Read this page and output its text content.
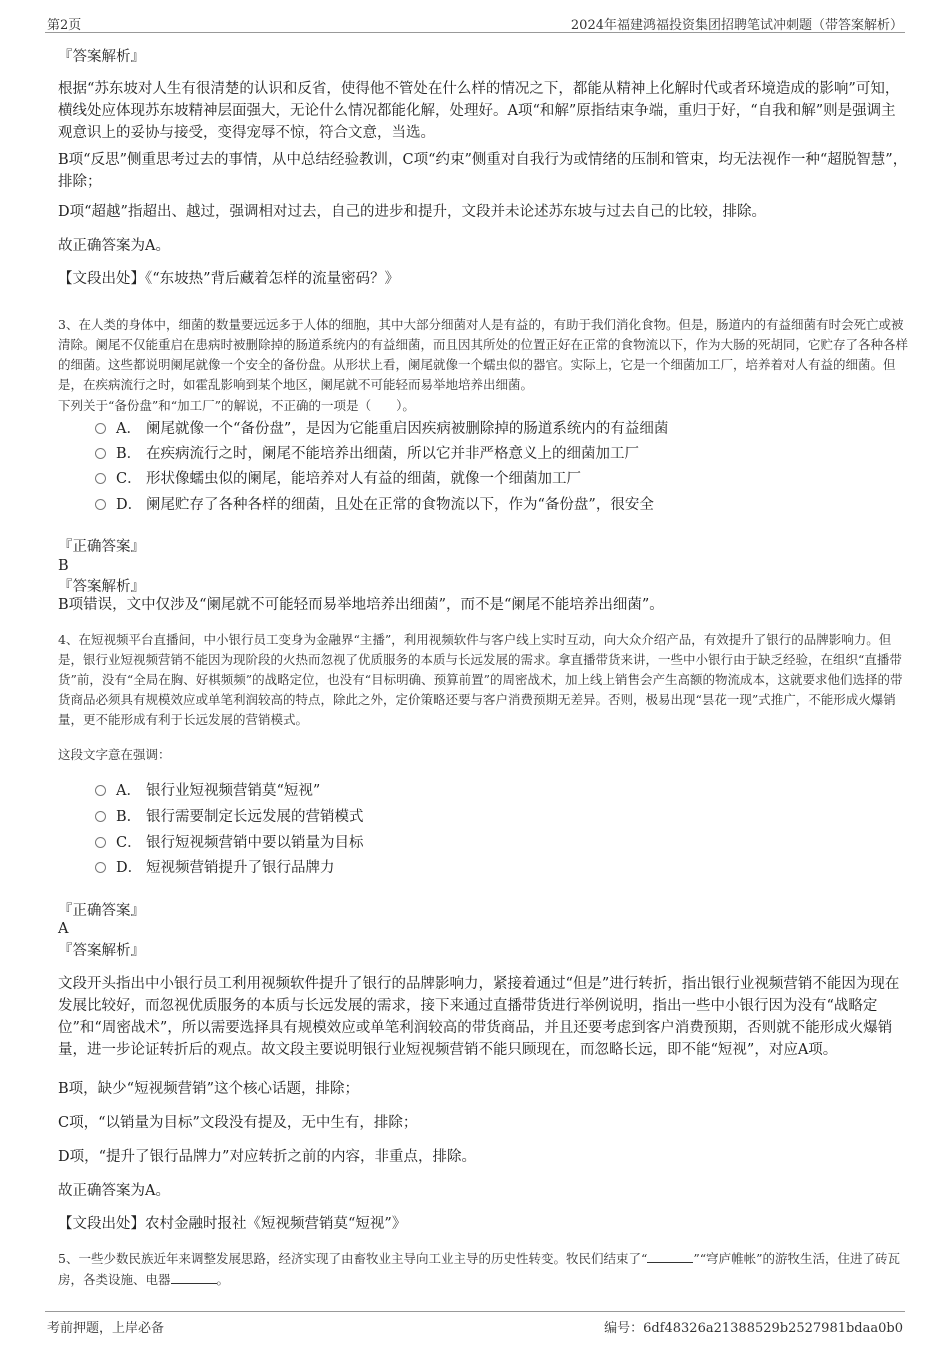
第2页	2024年福建鸿福投资集团招聘笔试冲刺题（带答案解析）

『答案解析』

根据“苏东坡对人生有很清楚的认识和反省，使得他不管处在什么样的情况之下，都能从精神上化解时代或者环境造成的影响”可知，横线处应体现苏东坡精神层面强大，无论什么情况都能化解，处理好。A项“和解”原指结束争端，重归于好，“自我和解”则是强调主观意识上的妥协与接受，变得宠辱不惊，符合文意，当选。

B项“反思”侧重思考过去的事情，从中总结经验教训，C项“约束”侧重对自我行为或情绪的压制和管束，均无法视作一种“超脱智慧”，排除；

D项“超越”指超出、越过，强调相对过去，自己的进步和提升，文段并未论述苏东坡与过去自己的比较，排除。

故正确答案为A。

【文段出处】《“东坡热”背后藏着怎样的流量密码？》

3、在人类的身体中，细菌的数量要远远多于人体的细胞，其中大部分细菌对人是有益的，有助于我们消化食物。但是，肠道内的有益细菌有时会死亡或被清除。阑尾不仅能重启在患病时被删除掉的肠道系统内的有益细菌，而且因其所处的位置正好在正常的食物流以下，作为大肠的死胡同，它贮存了各种各样的细菌。这些都说明阑尾就像一个安全的备份盘。从形状上看，阑尾就像一个蠕虫似的器官。实际上，它是一个细菌加工厂，培养着对人有益的细菌。但是，在疾病流行之时，如霍乱影响到某个地区，阑尾就不可能轻而易举地培养出细菌。

下列关于“备份盘”和“加工厂”的解说，不正确的一项是（　　）。

A． 阑尾就像一个“备份盘”，是因为它能重启因疾病被删除掉的肠道系统内的有益细菌
B． 在疾病流行之时，阑尾不能培养出细菌，所以它并非严格意义上的细菌加工厂
C． 形状像蠕虫似的阑尾，能培养对人有益的细菌，就像一个细菌加工厂
D． 阑尾贮存了各种各样的细菌，且处在正常的食物流以下，作为“备份盘”，很安全

『正确答案』

B

『答案解析』

B项错误，文中仅涉及“阑尾就不可能轻而易举地培养出细菌”，而不是“阑尾不能培养出细菌”。

4、在短视频平台直播间，中小银行员工变身为金融界“主播”，利用视频软件与客户线上实时互动，向大众介绍产品，有效提升了银行的品牌影响力。但是，银行业短视频营销不能因为现阶段的火热而忽视了优质服务的本质与长远发展的需求。拿直播带货来讲，一些中小银行由于缺乏经验，在组织“直播带货”前，没有“全局在胸、好棋频频”的战略定位，也没有“目标明确、预算前置”的周密战术，加上线上销售会产生高额的物流成本，这就要求他们选择的带货商品必须具有规模效应或单笔利润较高的特点，除此之外，定价策略还要与客户消费预期无差异。否则，极易出现“昙花一现”式推广，不能形成火爆销量，更不能形成有利于长远发展的营销模式。

这段文字意在强调：

A． 银行业短视频营销莫“短视”
B． 银行需要制定长远发展的营销模式
C． 银行短视频营销中要以销量为目标
D． 短视频营销提升了银行品牌力

『正确答案』

A

『答案解析』

文段开头指出中小银行员工利用视频软件提升了银行的品牌影响力，紧接着通过“但是”进行转折，指出银行业视频营销不能因为现在发展比较好，而忽视优质服务的本质与长远发展的需求，接下来通过直播带货进行举例说明，指出一些中小银行因为没有“战略定位”和“周密战术”，所以需要选择具有规模效应或单笔利润较高的带货商品，并且还要考虑到客户消费预期，否则就不能形成火爆销量，进一步论证转折后的观点。故文段主要说明银行业短视频营销不能只顾现在，而忽略长远，即不能“短视”，对应A项。

B项，缺少“短视频营销”这个核心话题，排除；

C项，“以销量为目标”文段没有提及，无中生有，排除；

D项，“提升了银行品牌力”对应转折之前的内容，非重点，排除。

故正确答案为A。

【文段出处】农村金融时报社《短视频营销莫“短视”》

5、一些少数民族近年来调整发展思路，经济实现了由畜牧业主导向工业主导的历史性转变。牧民们结束了“	”“穹庐帷帐”的游牧生活，住进了砖瓦房，各类设施、电器	。

考前押题，上岸必备	编号：6df48326a21388529b2527981bdaa0b0
